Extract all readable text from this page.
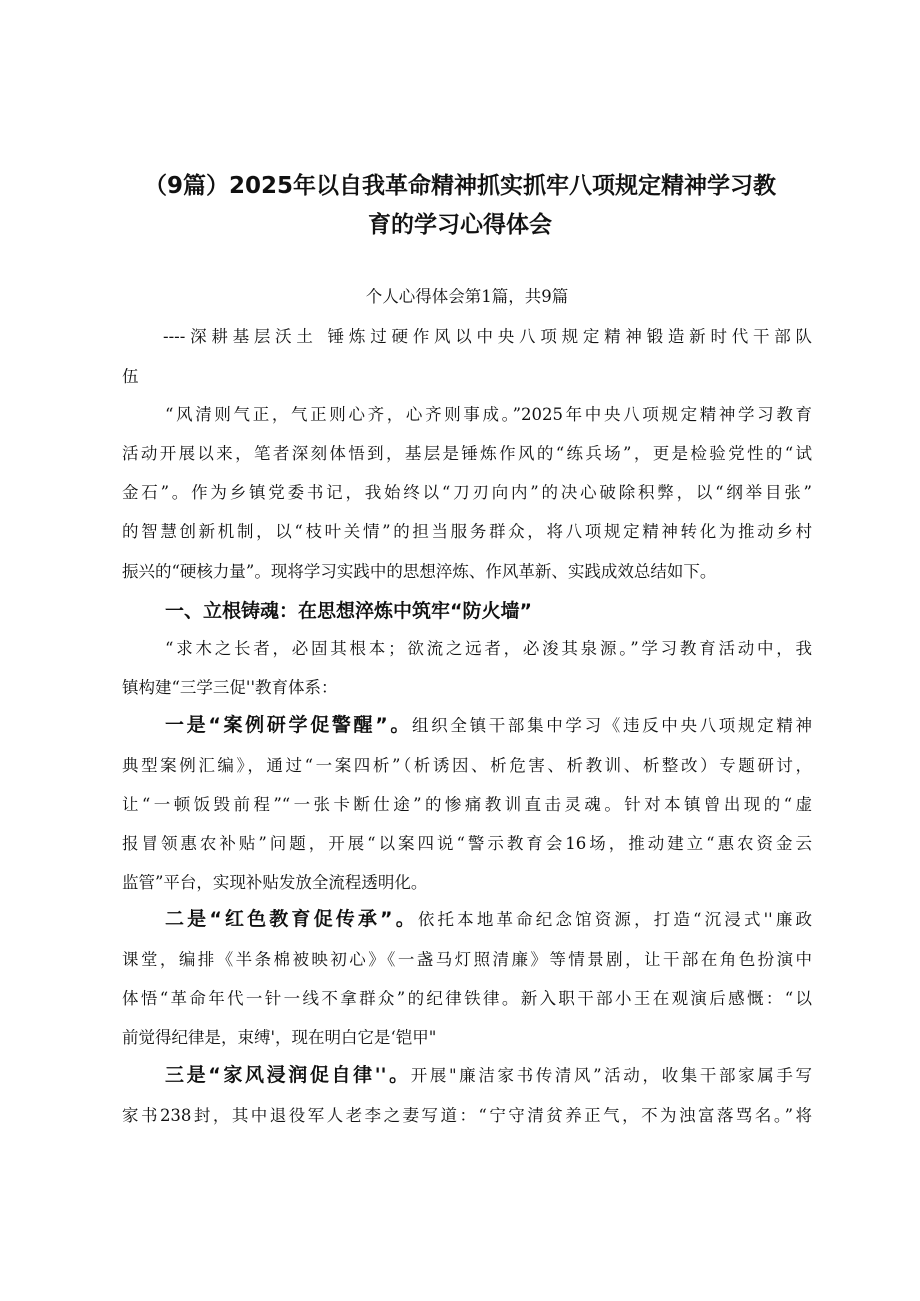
（9篇）2025年以自我革命精神抓实抓牢八项规定精神学习教
育的学习心得体会

个人心得体会第1篇，共9篇

----深耕基层沃土 锤炼过硬作风以中央八项规定精神锻造新时代干部队

伍

“风清则气正，气正则心齐，心齐则事成。”2025年中央八项规定精神学习教育

活动开展以来，笔者深刻体悟到，基层是锤炼作风的“练兵场”，更是检验党性的“试

金石”。作为乡镇党委书记，我始终以“刀刃向内”的决心破除积弊，以“纲举目张”

的智慧创新机制，以“枝叶关情”的担当服务群众，将八项规定精神转化为推动乡村

振兴的“硬核力量”。现将学习实践中的思想淬炼、作风革新、实践成效总结如下。

一、立根铸魂：在思想淬炼中筑牢“防火墙”

“求木之长者，必固其根本；欲流之远者，必浚其泉源。”学习教育活动中，我

镇构建“三学三促''教育体系：

一是“案例研学促警醒”。组织全镇干部集中学习《违反中央八项规定精神

典型案例汇编》，通过“一案四析”（析诱因、析危害、析教训、析整改）专题研讨，

让“一顿饭毁前程”“一张卡断仕途”的惨痛教训直击灵魂。针对本镇曾出现的“虚

报冒领惠农补贴”问题，开展“以案四说“警示教育会16场，推动建立“惠农资金云

监管”平台，实现补贴发放全流程透明化。

二是“红色教育促传承”。依托本地革命纪念馆资源，打造“沉浸式''廉政

课堂，编排《半条棉被映初心》《一盏马灯照清廉》等情景剧，让干部在角色扮演中

体悟“革命年代一针一线不拿群众”的纪律铁律。新入职干部小王在观演后感慨：“以

前觉得纪律是，束缚'，现在明白它是‘铠甲"

三是“家风浸润促自律''。开展"廉洁家书传清风”活动，收集干部家属手写

家书238封，其中退役军人老李之妻写道：“宁守清贫养正气，不为浊富落骂名。”将
